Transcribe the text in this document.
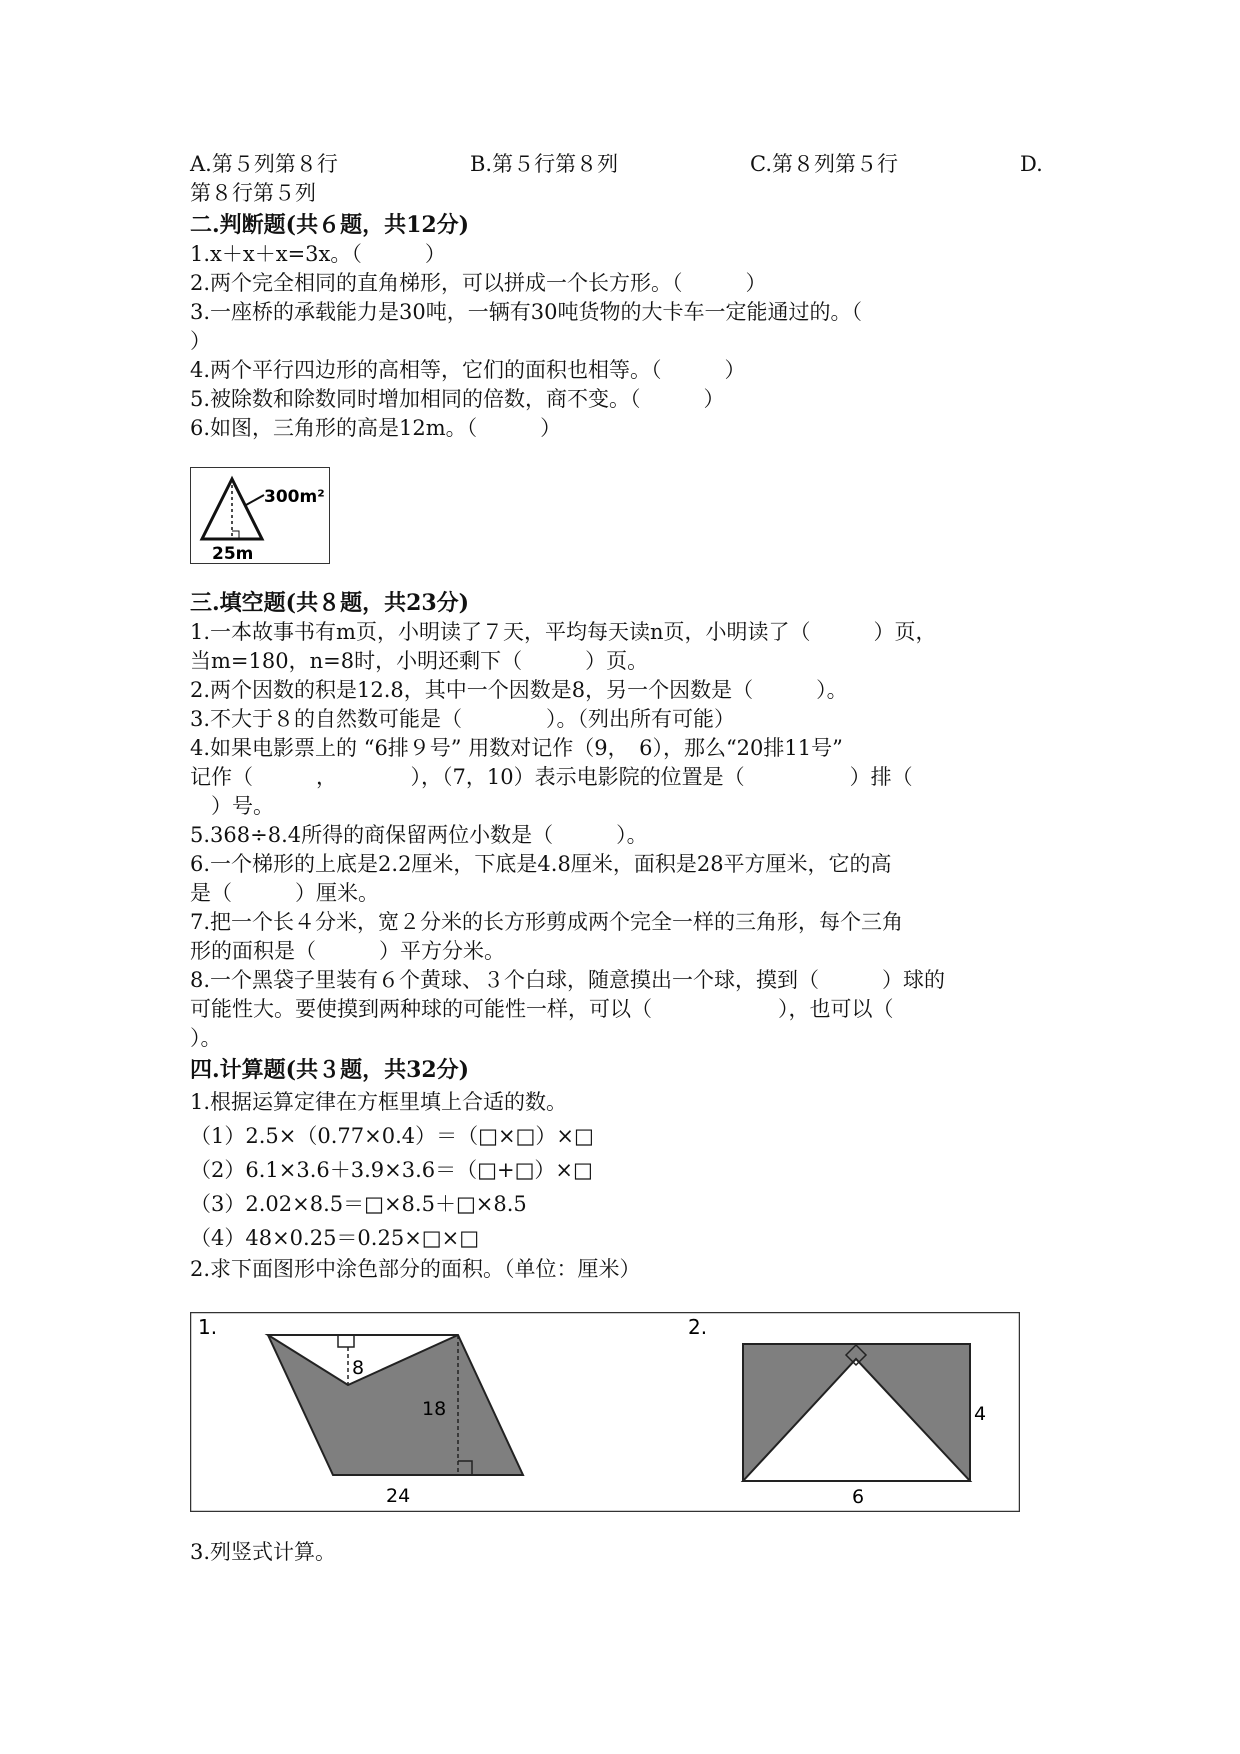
A.第５列第８行	B.第５行第８列	C.第８列第５行	D.

第８行第５列

二.判断题(共６题，共12分)

1.x＋x＋x=3x。（　　　）

2.两个完全相同的直角梯形，可以拼成一个长方形。（　　　）

3.一座桥的承载能力是30吨，一辆有30吨货物的大卡车一定能通过的。（

）

4.两个平行四边形的高相等，它们的面积也相等。（　　　）

5.被除数和除数同时增加相同的倍数，商不变。（　　　）

6.如图，三角形的高是12m。（　　　）

300m²
25m

三.填空题(共８题，共23分)

1.一本故事书有m页，小明读了７天，平均每天读n页，小明读了（　　　）页，

当m=180，n=8时，小明还剩下（　　　）页。

2.两个因数的积是12.8，其中一个因数是8，另一个因数是（　　　）。

3.不大于８的自然数可能是（　　　　）。（列出所有可能）

4.如果电影票上的 “6排９号” 用数对记作（9，　6），那么“20排11号”

记作（　　　，　　　　），（7，10）表示电影院的位置是（　　　　　）排（

　）号。

5.368÷8.4所得的商保留两位小数是（　　　）。

6.一个梯形的上底是2.2厘米，下底是4.8厘米，面积是28平方厘米，它的高

是（　　　）厘米。

7.把一个长４分米，宽２分米的长方形剪成两个完全一样的三角形，每个三角

形的面积是（　　　）平方分米。

8.一个黑袋子里装有６个黄球、３个白球，随意摸出一个球，摸到（　　　）球的

可能性大。要使摸到两种球的可能性一样，可以（　　　　　　），也可以（

）。

四.计算题(共３题，共32分)

1.根据运算定律在方框里填上合适的数。

（1）2.5×（0.77×0.4）＝（□×□）×□

（2）6.1×3.6＋3.9×3.6＝（□+□）×□

（3）2.02×8.5＝□×8.5＋□×8.5

（4）48×0.25＝0.25×□×□

2.求下面图形中涂色部分的面积。（单位：厘米）

1.
8
18
24
2.
4
6

3.列竖式计算。
